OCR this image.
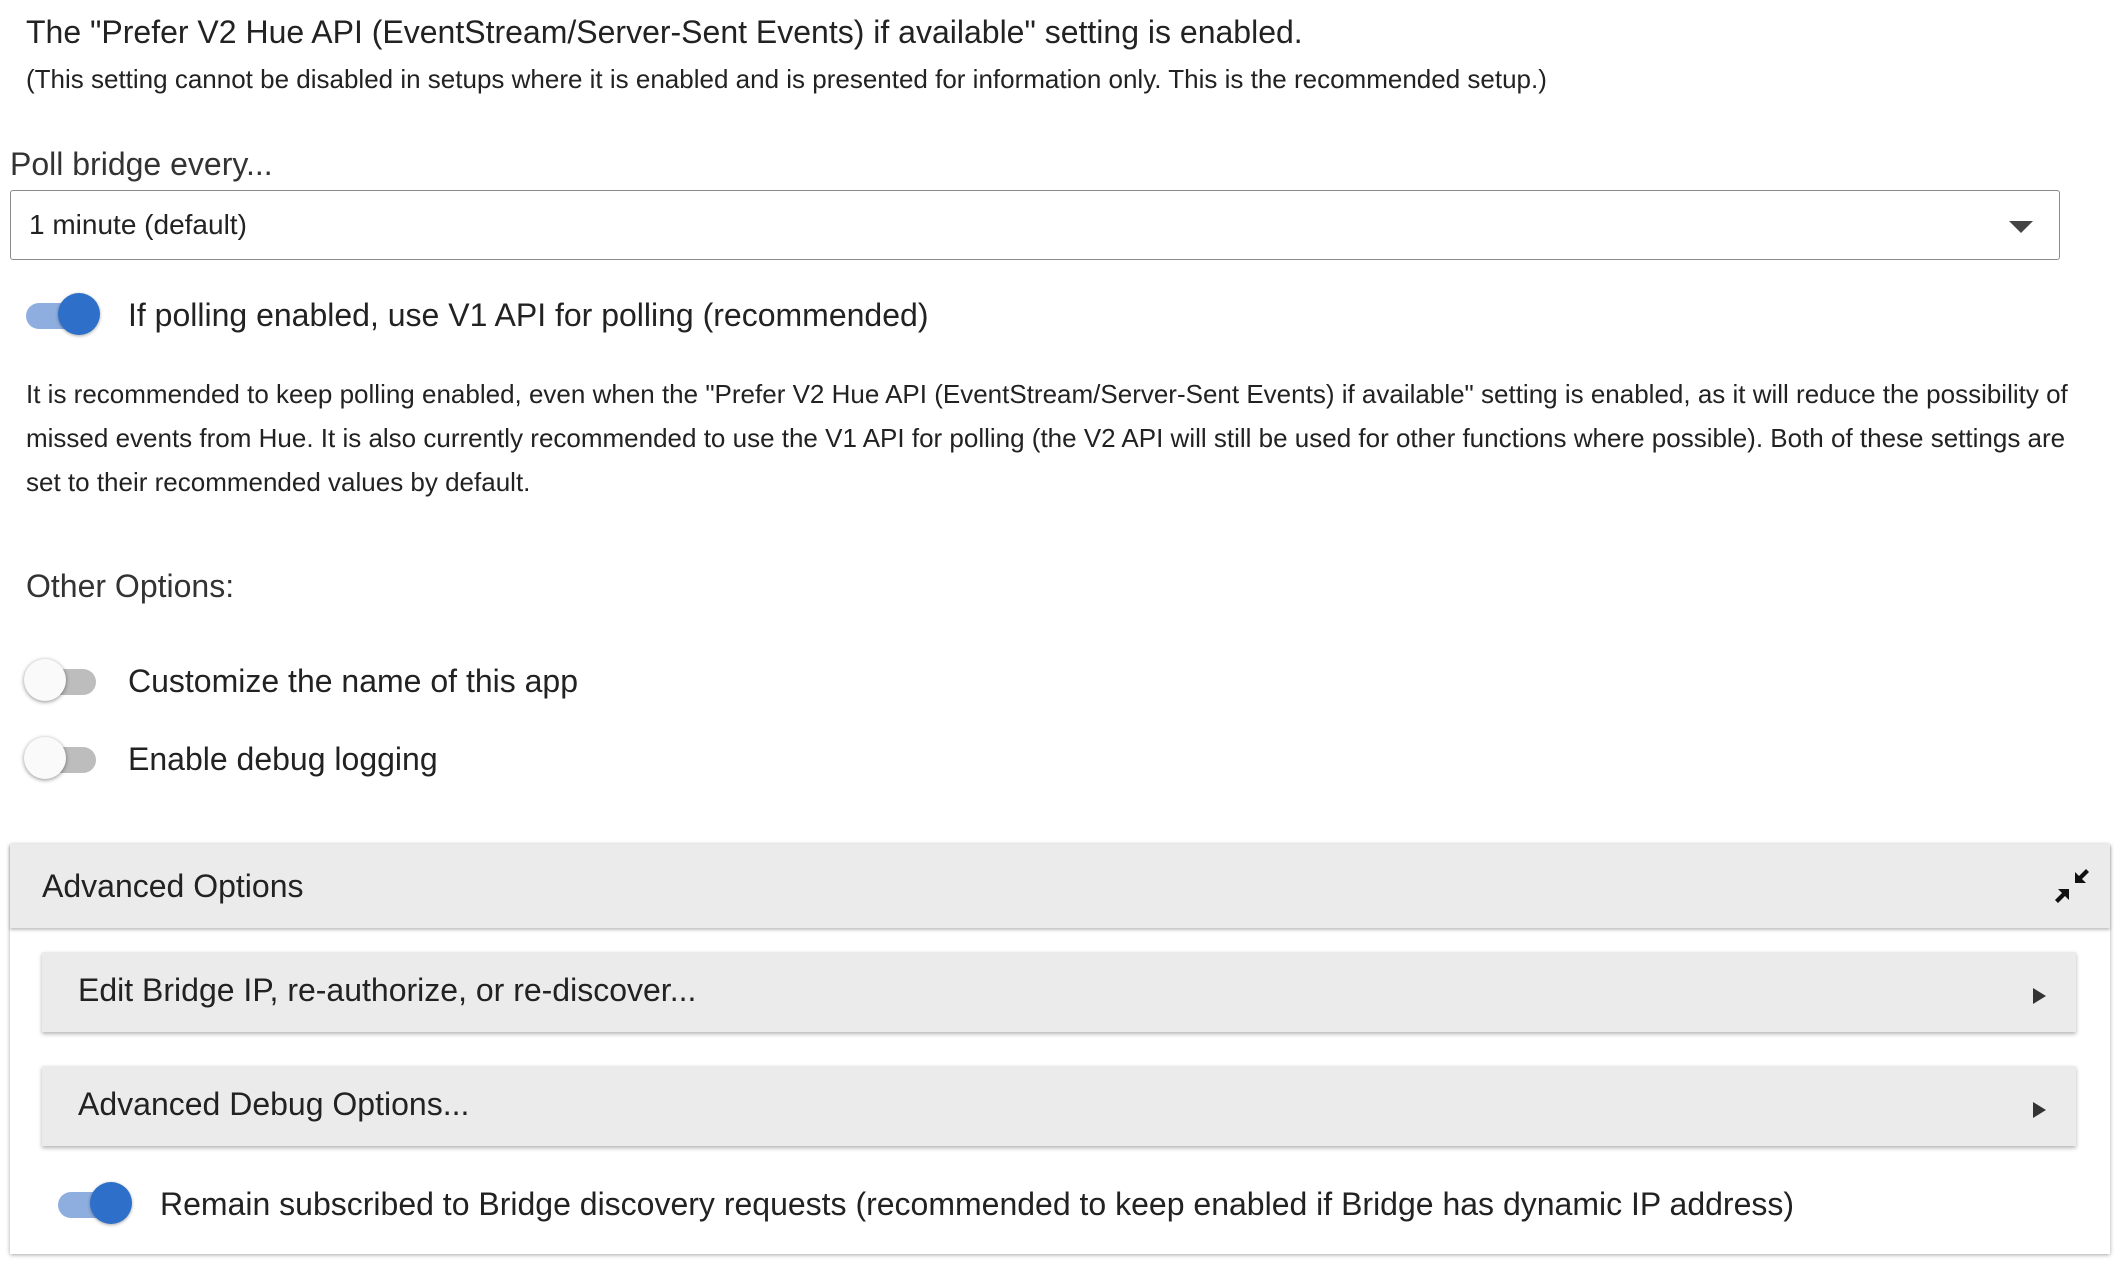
The "Prefer V2 Hue API (EventStream/Server-Sent Events) if available" setting is enabled.
(This setting cannot be disabled in setups where it is enabled and is presented for information only. This is the recommended setup.)
Poll bridge every...
1 minute (default)
If polling enabled, use V1 API for polling (recommended)
It is recommended to keep polling enabled, even when the "Prefer V2 Hue API (EventStream/Server-Sent Events) if available" setting is enabled, as it will reduce the possibility of missed events from Hue. It is also currently recommended to use the V1 API for polling (the V2 API will still be used for other functions where possible). Both of these settings are set to their recommended values by default.
Other Options:
Customize the name of this app
Enable debug logging
Advanced Options
Edit Bridge IP, re-authorize, or re-discover...
Advanced Debug Options...
Remain subscribed to Bridge discovery requests (recommended to keep enabled if Bridge has dynamic IP address)
